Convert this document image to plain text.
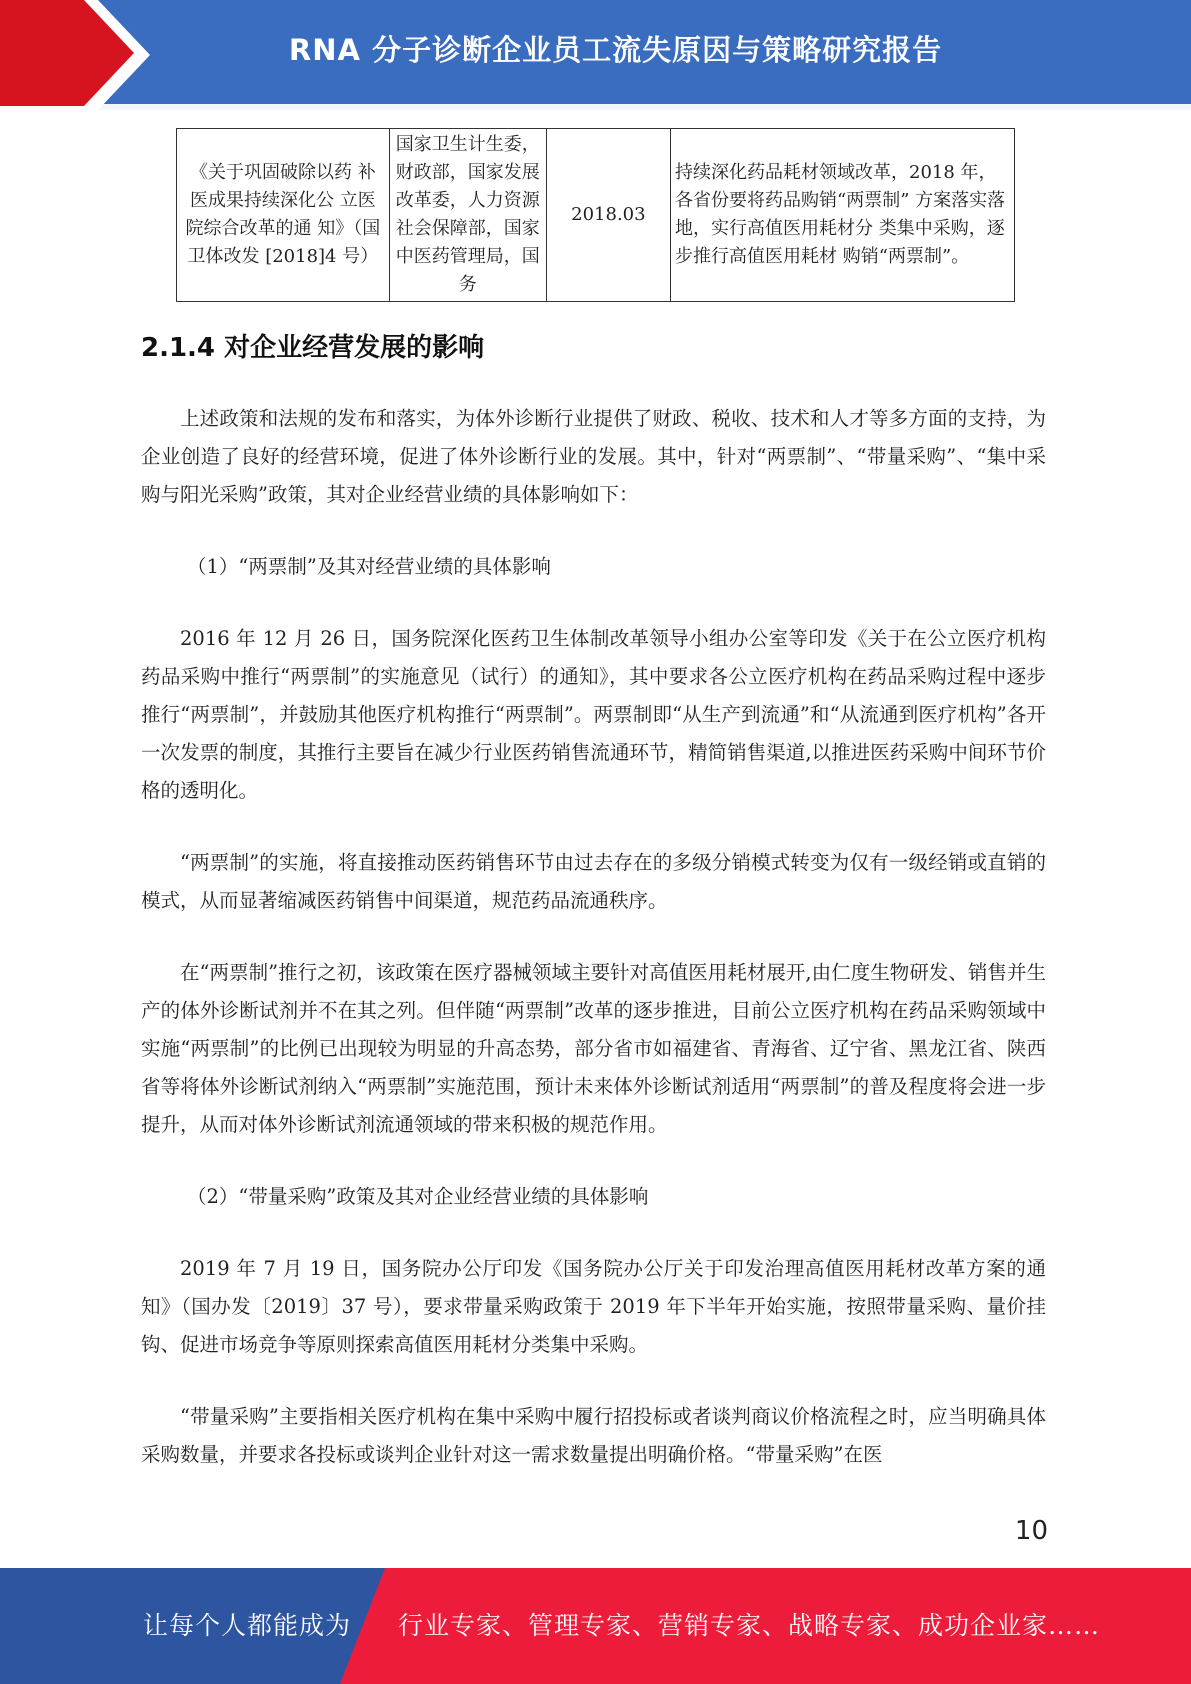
RNA 分子诊断企业员工流失原因与策略研究报告
《关于巩固破除以药 补医成果持续深化公 立医院综合改革的通 知》（国卫体改发 [2018]4 号）	国家卫生计生委，财政部，国家发展改革委，人力资源社会保障部，国家中医药管理局，国务	2018.03	持续深化药品耗材领域改革，2018 年，各省份要将药品购销“两票制” 方案落实落地，实行高值医用耗材分 类集中采购，逐步推行高值医用耗材 购销“两票制”。
2.1.4 对企业经营发展的影响

上述政策和法规的发布和落实，为体外诊断行业提供了财政、税收、技术和人才等多方面的支持，为企业创造了良好的经营环境，促进了体外诊断行业的发展。其中，针对“两票制”、“带量采购”、“集中采购与阳光采购”政策，其对企业经营业绩的具体影响如下：

（1）“两票制”及其对经营业绩的具体影响

2016 年 12 月 26 日，国务院深化医药卫生体制改革领导小组办公室等印发《关于在公立医疗机构药品采购中推行“两票制”的实施意见（试行）的通知》，其中要求各公立医疗机构在药品采购过程中逐步推行“两票制”，并鼓励其他医疗机构推行“两票制”。两票制即“从生产到流通”和“从流通到医疗机构”各开一次发票的制度，其推行主要旨在减少行业医药销售流通环节，精简销售渠道,以推进医药采购中间环节价格的透明化。

“两票制”的实施，将直接推动医药销售环节由过去存在的多级分销模式转变为仅有一级经销或直销的模式，从而显著缩减医药销售中间渠道，规范药品流通秩序。

在“两票制”推行之初，该政策在医疗器械领域主要针对高值医用耗材展开,由仁度生物研发、销售并生产的体外诊断试剂并不在其之列。但伴随“两票制”改革的逐步推进，目前公立医疗机构在药品采购领域中实施“两票制”的比例已出现较为明显的升高态势，部分省市如福建省、青海省、辽宁省、黑龙江省、陕西省等将体外诊断试剂纳入“两票制”实施范围，预计未来体外诊断试剂适用“两票制”的普及程度将会进一步提升，从而对体外诊断试剂流通领域的带来积极的规范作用。

（2）“带量采购”政策及其对企业经营业绩的具体影响

2019 年 7 月 19 日，国务院办公厅印发《国务院办公厅关于印发治理高值医用耗材改革方案的通知》（国办发〔2019〕37 号），要求带量采购政策于 2019 年下半年开始实施，按照带量采购、量价挂钩、促进市场竞争等原则探索高值医用耗材分类集中采购。

“带量采购”主要指相关医疗机构在集中采购中履行招投标或者谈判商议价格流程之时，应当明确具体采购数量，并要求各投标或谈判企业针对这一需求数量提出明确价格。“带量采购”在医

10
让每个人都能成为 行业专家、管理专家、营销专家、战略专家、成功企业家……
